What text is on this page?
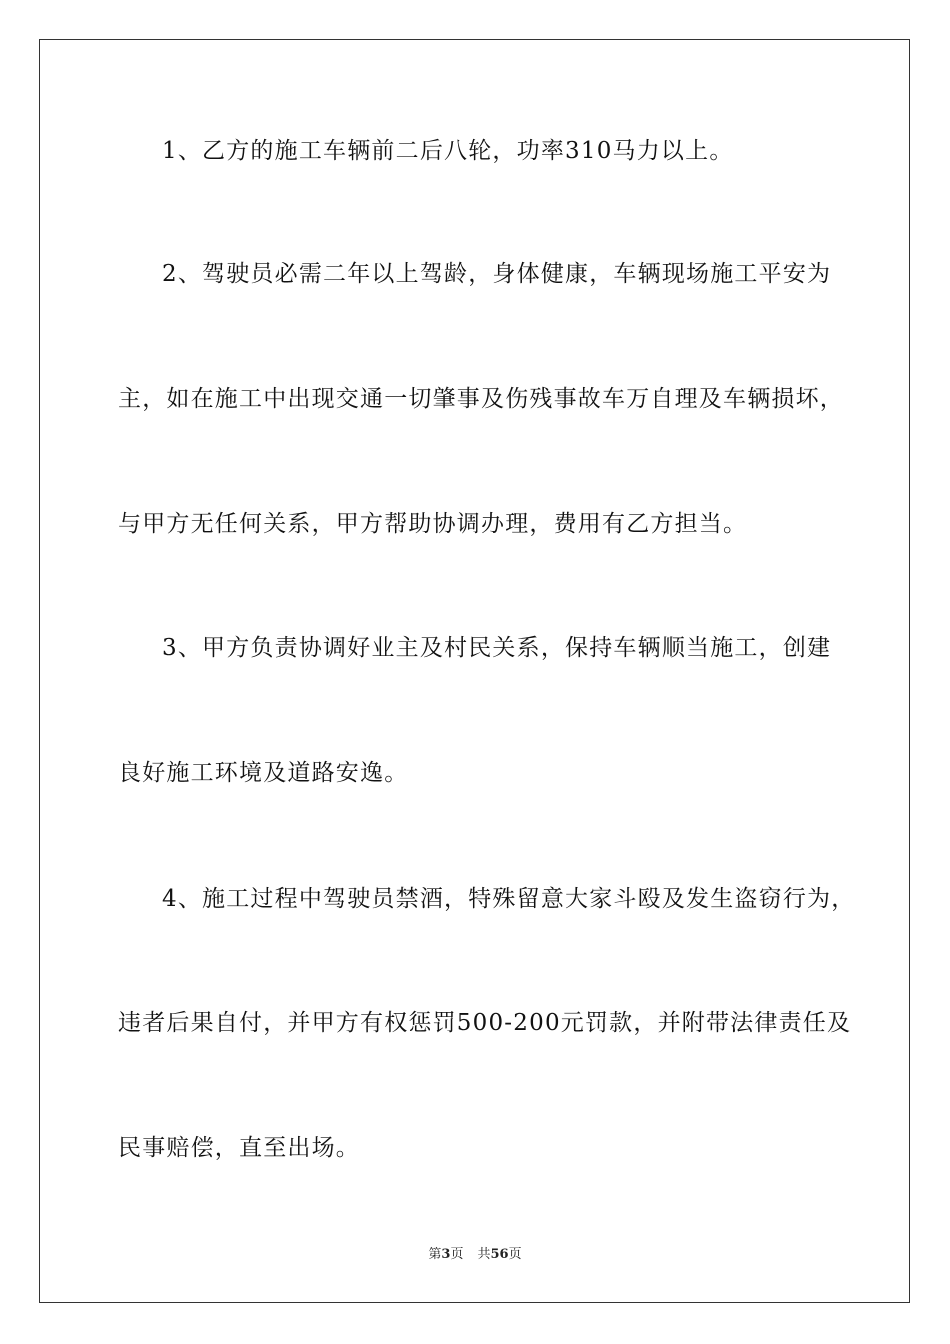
1、乙方的施工车辆前二后八轮，功率310马力以上。
2、驾驶员必需二年以上驾龄，身体健康，车辆现场施工平安为
主，如在施工中出现交通一切肇事及伤残事故车万自理及车辆损坏，
与甲方无任何关系，甲方帮助协调办理，费用有乙方担当。
3、甲方负责协调好业主及村民关系，保持车辆顺当施工，创建
良好施工环境及道路安逸。
4、施工过程中驾驶员禁酒，特殊留意大家斗殴及发生盗窃行为，
违者后果自付，并甲方有权惩罚500-200元罚款，并附带法律责任及
民事赔偿，直至出场。
第3页 共56页
